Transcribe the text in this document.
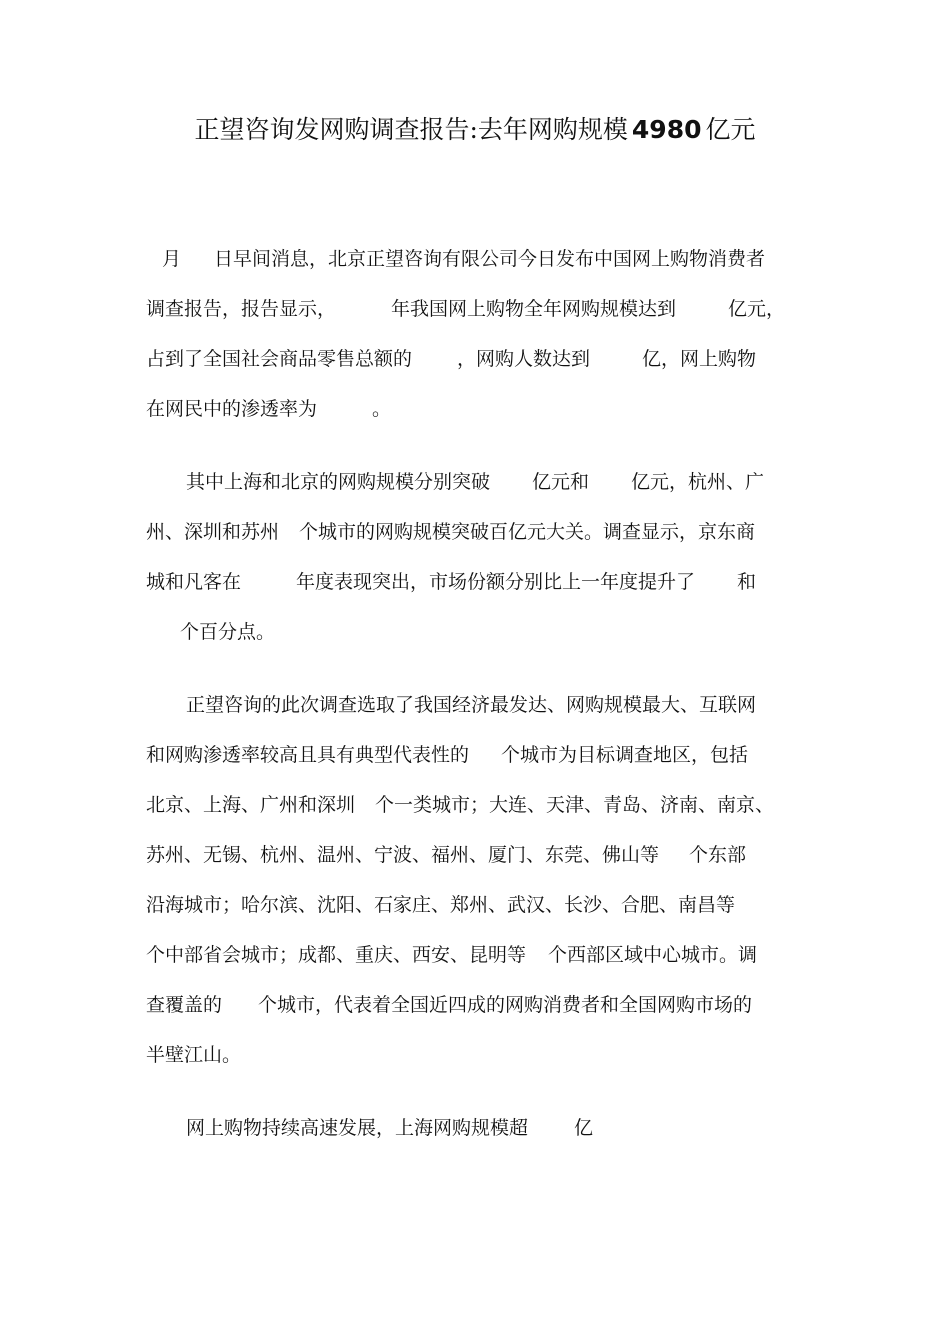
正望咨询发网购调查报告:去年网购规模 4980 亿元
月 日早间消息，北京正望咨询有限公司今日发布中国网上购物消费者
调查报告，报告显示，	年我国网上购物全年网购规模达到	亿元，
占到了全国社会商品零售总额的 ，网购人数达到	亿，网上购物
在网民中的渗透率为	。
其中上海和北京的网购规模分别突破 亿元和 亿元，杭州、广
州、深圳和苏州 个城市的网购规模突破百亿元大关。调查显示，京东商
城和凡客在	年度表现突出，市场份额分别比上一年度提升了 和
个百分点。
正望咨询的此次调查选取了我国经济最发达、网购规模最大、互联网
和网购渗透率较高且具有典型代表性的 个城市为目标调查地区，包括
北京、上海、广州和深圳 个一类城市；大连、天津、青岛、济南、南京、
苏州、无锡、杭州、温州、宁波、福州、厦门、东莞、佛山等 个东部
沿海城市；哈尔滨、沈阳、石家庄、郑州、武汉、长沙、合肥、南昌等
个中部省会城市；成都、重庆、西安、昆明等 个西部区域中心城市。调
查覆盖的 个城市，代表着全国近四成的网购消费者和全国网购市场的
半壁江山。
网上购物持续高速发展，上海网购规模超 亿
